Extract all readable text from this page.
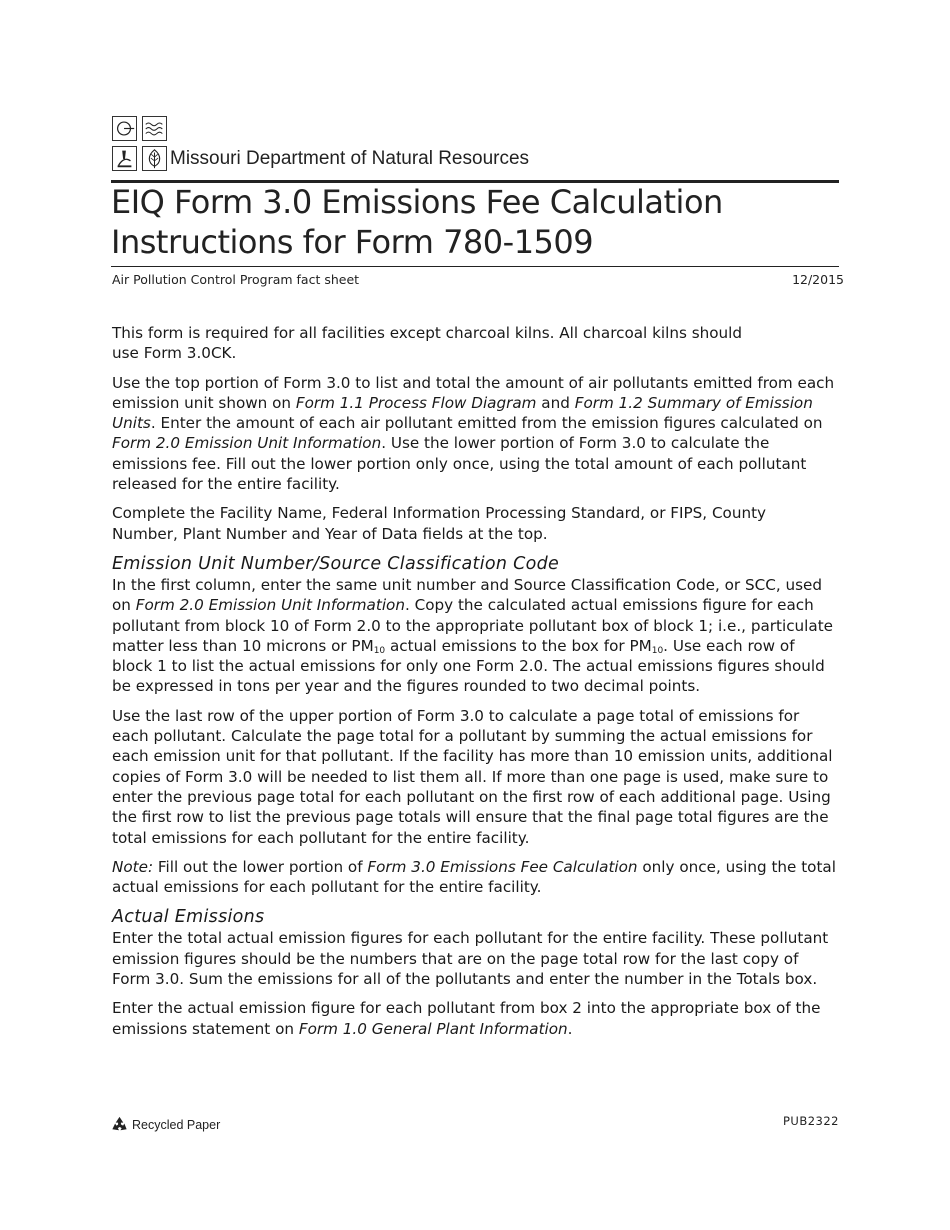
Missouri Department of Natural Resources
EIQ Form 3.0 Emissions Fee Calculation
Instructions for Form 780-1509
Air Pollution Control Program fact sheet	12/2015

This form is required for all facilities except charcoal kilns. All charcoal kilns should
use Form 3.0CK.

Use the top portion of Form 3.0 to list and total the amount of air pollutants emitted from each emission unit shown on Form 1.1 Process Flow Diagram and Form 1.2 Summary of Emission Units. Enter the amount of each air pollutant emitted from the emission figures calculated on Form 2.0 Emission Unit Information. Use the lower portion of Form 3.0 to calculate the emissions fee. Fill out the lower portion only once, using the total amount of each pollutant released for the entire facility.

Complete the Facility Name, Federal Information Processing Standard, or FIPS, County Number, Plant Number and Year of Data fields at the top.

Emission Unit Number/Source Classification Code

In the first column, enter the same unit number and Source Classification Code, or SCC, used on Form 2.0 Emission Unit Information. Copy the calculated actual emissions figure for each pollutant from block 10 of Form 2.0 to the appropriate pollutant box of block 1; i.e., particulate matter less than 10 microns or $PM_{10}$ actual emissions to the box for $PM_{10}$. Use each row of block 1 to list the actual emissions for only one Form 2.0. The actual emissions figures should be expressed in tons per year and the figures rounded to two decimal points.

Use the last row of the upper portion of Form 3.0 to calculate a page total of emissions for each pollutant. Calculate the page total for a pollutant by summing the actual emissions for each emission unit for that pollutant. If the facility has more than 10 emission units, additional copies of Form 3.0 will be needed to list them all. If more than one page is used, make sure to enter the previous page total for each pollutant on the first row of each additional page. Using the first row to list the previous page totals will ensure that the final page total figures are the total emissions for each pollutant for the entire facility.

Note: Fill out the lower portion of Form 3.0 Emissions Fee Calculation only once, using the total actual emissions for each pollutant for the entire facility.

Actual Emissions

Enter the total actual emission figures for each pollutant for the entire facility. These pollutant emission figures should be the numbers that are on the page total row for the last copy of Form 3.0. Sum the emissions for all of the pollutants and enter the number in the Totals box.

Enter the actual emission figure for each pollutant from box 2 into the appropriate box of the emissions statement on Form 1.0 General Plant Information.

Recycled Paper	PUB2322
